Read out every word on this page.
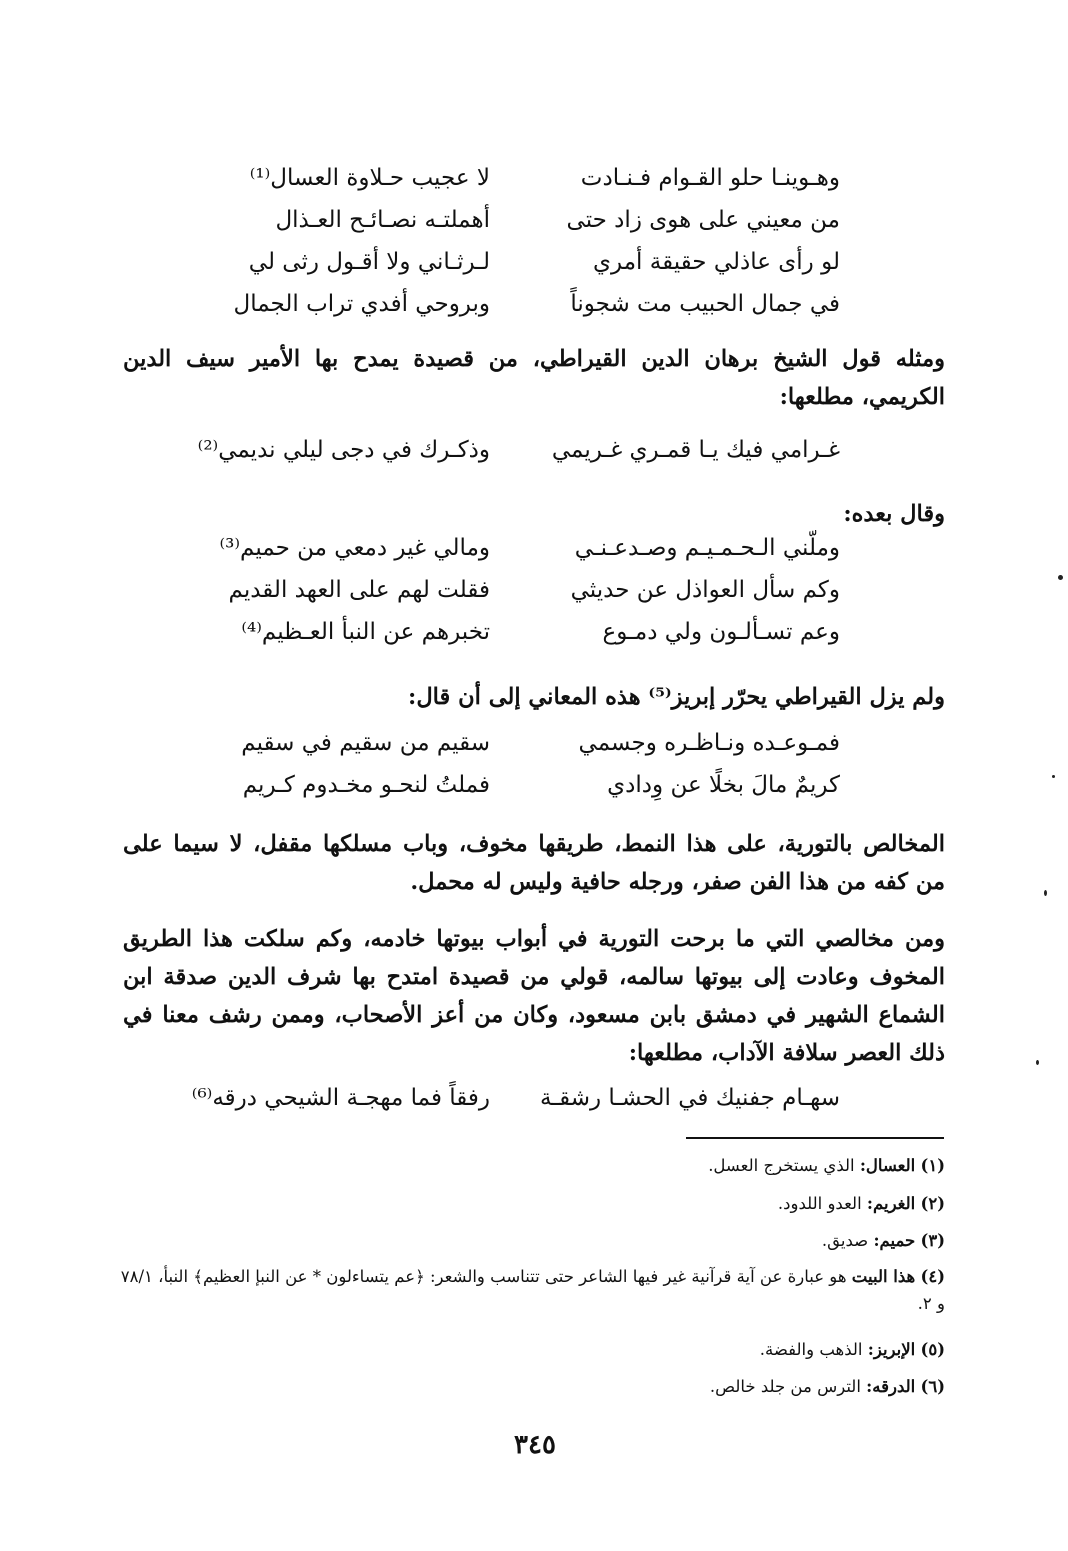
وهـوينـا حلو القـوام فـنـادت
لا عجيب حـلاوة العسال⁽¹⁾
من معيني على هوى زاد حتى
أهملتـه نصـائـح العـذال
لو رأى عاذلي حقيقة أمري
لـرثـاني ولا أقـول رثى لي
في جمال الحبيب مت شجوناً
وبروحي أفدي تراب الجمال
ومثله قول الشيخ برهان الدين القيراطي، من قصيدة يمدح بها الأمير سيف الدين الكريمي، مطلعها:
غـرامي فيك يـا قمـري غـريمي
وذكـرك في دجى ليلي نديمي⁽²⁾
وقال بعده:
وملّني الـحـمـيـم وصـدعـنـي
ومالي غير دمعي من حميم⁽³⁾
وكم سأل العواذل عن حديثي
فقلت لهم على العهد القديم
وعم تسـألـون ولي دمـوع
تخبرهم عن النبأ العـظيم⁽⁴⁾
ولم يزل القيراطي يحرّر إبريز⁽⁵⁾ هذه المعاني إلى أن قال:
فمـوعـده ونـاظـره وجسمي
سقيم من سقيم في سقيم
كريمٌ مالَ بخلًا عن وِدادي
فملتُ لنحـو مخـدوم كـريم
المخالص بالتورية، على هذا النمط، طريقها مخوف، وباب مسلكها مقفل، لا سيما على من كفه من هذا الفن صفر، ورجله حافية وليس له محمل.
ومن مخالصي التي ما برحت التورية في أبواب بيوتها خادمه، وكم سلكت هذا الطريق المخوف وعادت إلى بيوتها سالمه، قولي من قصيدة امتدح بها شرف الدين صدقة ابن الشماع الشهير في دمشق بابن مسعود، وكان من أعز الأصحاب، وممن رشف معنا في ذلك العصر سلافة الآداب، مطلعها:
سهـام جفنيك في الحشـا رشقـة
رفقاً فما مهجـة الشيحي درقه⁽⁶⁾
(١) العسال: الذي يستخرج العسل.
(٢) الغريم: العدو اللدود.
(٣) حميم: صديق.
(٤) هذا البيت هو عبارة عن آية قرآنية غير فيها الشاعر حتى تتناسب والشعر: ﴿عم يتساءلون * عن النبإ العظيم﴾ النبأ، ٧٨/١ و ٢.
(٥) الإبريز: الذهب والفضة.
(٦) الدرقه: الترس من جلد خالص.
٣٤٥
